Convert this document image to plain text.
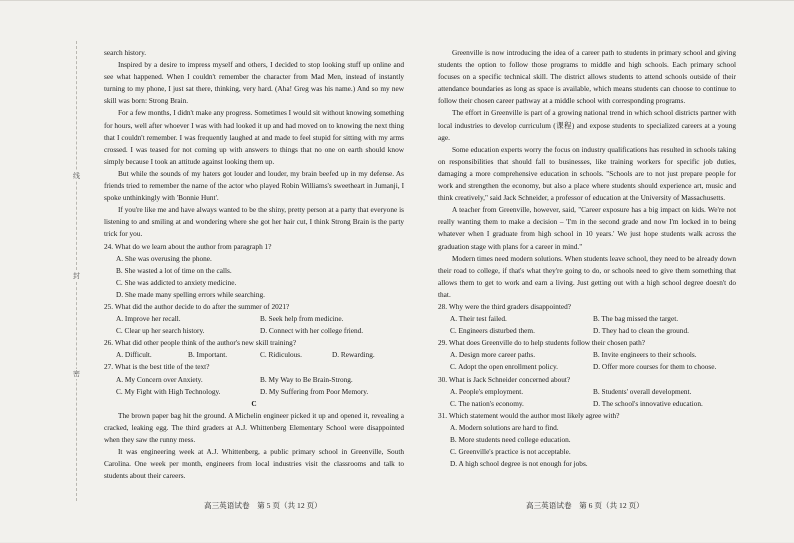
线
封
密

search history.

Inspired by a desire to impress myself and others, I decided to stop looking stuff up online and see what happened. When I couldn't remember the character from Mad Men, instead of instantly turning to my phone, I just sat there, thinking, very hard. (Aha! Greg was his name.) And so my new skill was born: Strong Brain.

For a few months, I didn't make any progress. Sometimes I would sit without knowing something for hours, well after whoever I was with had looked it up and had moved on to knowing the next thing that I couldn't remember. I was frequently laughed at and made to feel stupid for sitting with my arms crossed. I was teased for not coming up with answers to things that no one on earth should know simply because I took an attitude against looking them up.

But while the sounds of my haters got louder and louder, my brain beefed up in my defense. As friends tried to remember the name of the actor who played Robin Williams's sweetheart in Jumanji, I spoke unthinkingly with 'Bonnie Hunt'.

If you're like me and have always wanted to be the shiny, pretty person at a party that everyone is listening to and smiling at and wondering where she got her hair cut, I think Strong Brain is the party trick for you.

24. What do we learn about the author from paragraph 1?

A. She was overusing the phone.
B. She wasted a lot of time on the calls.
C. She was addicted to anxiety medicine.
D. She made many spelling errors while searching.

25. What did the author decide to do after the summer of 2021?

A. Improve her recall.	B. Seek help from medicine.
C. Clear up her search history.	D. Connect with her college friend.

26. What did other people think of the author's new skill training?

A. Difficult.	B. Important.	C. Ridiculous.	D. Rewarding.

27. What is the best title of the text?

A. My Concern over Anxiety.	B. My Way to Be Brain-Strong.
C. My Fight with High Technology.	D. My Suffering from Poor Memory.

C

The brown paper bag hit the ground. A Michelin engineer picked it up and opened it, revealing a cracked, leaking egg. The third graders at A.J. Whittenberg Elementary School were disappointed when they saw the runny mess.

It was engineering week at A.J. Whittenberg, a public primary school in Greenville, South Carolina. One week per month, engineers from local industries visit the classrooms and talk to students about their careers.

Greenville is now introducing the idea of a career path to students in primary school and giving students the option to follow those programs to middle and high schools. Each primary school focuses on a specific technical skill. The district allows students to attend schools outside of their attendance boundaries as long as space is available, which means students can choose to continue to follow their chosen career pathway at a middle school with corresponding programs.

The effort in Greenville is part of a growing national trend in which school districts partner with local industries to develop curriculum (课程) and expose students to specialized careers at a young age.

Some education experts worry the focus on industry qualifications has resulted in schools taking on responsibilities that should fall to businesses, like training workers for specific job duties, damaging a more comprehensive education in schools. "Schools are to not just prepare people for work and strengthen the economy, but also a place where students should experience art, music and think creatively," said Jack Schneider, a professor of education at the University of Massachusetts.

A teacher from Greenville, however, said, "Career exposure has a big impact on kids. We're not really wanting them to make a decision – 'I'm in the second grade and now I'm locked in to being whatever when I graduate from high school in 10 years.' We just hope students walk across the graduation stage with plans for a career in mind."

Modern times need modern solutions. When students leave school, they need to be already down their road to college, if that's what they're going to do, or schools need to give them something that allows them to get to work and earn a living. Just getting out with a high school degree doesn't do that.

28. Why were the third graders disappointed?

A. Their test failed.	B. The bag missed the target.
C. Engineers disturbed them.	D. They had to clean the ground.

29. What does Greenville do to help students follow their chosen path?

A. Design more career paths.	B. Invite engineers to their schools.
C. Adopt the open enrollment policy.	D. Offer more courses for them to choose.

30. What is Jack Schneider concerned about?

A. People's employment.	B. Students' overall development.
C. The nation's economy.	D. The school's innovative education.

31. Which statement would the author most likely agree with?

A. Modern solutions are hard to find.
B. More students need college education.
C. Greenville's practice is not acceptable.
D. A high school degree is not enough for jobs.
高三英语试卷　第 5 页（共 12 页）	高三英语试卷　第 6 页（共 12 页）
